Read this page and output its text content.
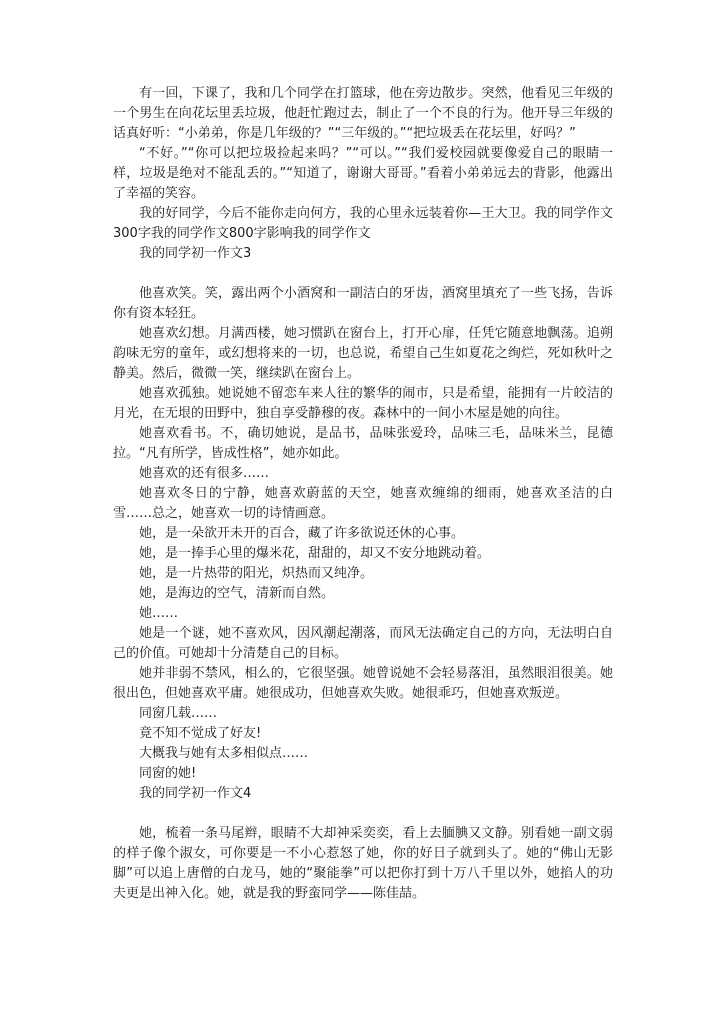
有一回，下课了，我和几个同学在打篮球，他在旁边散步。突然，他看见三年级的一个男生在向花坛里丢垃圾，他赶忙跑过去，制止了一个不良的行为。他开导三年级的话真好听：“小弟弟，你是几年级的？”“三年级的。”“把垃圾丢在花坛里，好吗？”

“不好。”“你可以把垃圾捡起来吗？”“可以。”“我们爱校园就要像爱自己的眼睛一样，垃圾是绝对不能乱丢的。”“知道了，谢谢大哥哥。”看着小弟弟远去的背影，他露出了幸福的笑容。

我的好同学，今后不能你走向何方，我的心里永远装着你—王大卫。我的同学作文300字我的同学作文800字影响我的同学作文

我的同学初一作文3

他喜欢笑。笑，露出两个小酒窝和一副洁白的牙齿，酒窝里填充了一些飞扬，告诉你有资本轻狂。

她喜欢幻想。月满西楼，她习惯趴在窗台上，打开心扉，任凭它随意地飘荡。追朔韵味无穷的童年，或幻想将来的一切，也总说，希望自己生如夏花之绚烂，死如秋叶之静美。然后，微微一笑，继续趴在窗台上。

她喜欢孤独。她说她不留恋车来人往的繁华的闹市，只是希望，能拥有一片皎洁的月光，在无垠的田野中，独自享受静穆的夜。森林中的一间小木屋是她的向往。

她喜欢看书。不，确切她说，是品书，品味张爱玲，品味三毛，品味米兰，昆德拉。“凡有所学，皆成性格”，她亦如此。

她喜欢的还有很多……

她喜欢冬日的宁静，她喜欢蔚蓝的天空，她喜欢缠绵的细雨，她喜欢圣洁的白雪……总之，她喜欢一切的诗情画意。

她，是一朵欲开未开的百合，藏了许多欲说还休的心事。

她，是一捧手心里的爆米花，甜甜的，却又不安分地跳动着。

她，是一片热带的阳光，炽热而又纯净。

她，是海边的空气，清新而自然。

她……

她是一个谜，她不喜欢风，因风潮起潮落，而风无法确定自己的方向，无法明白自己的价值。可她却十分清楚自己的目标。

她并非弱不禁风，相么的，它很坚强。她曾说她不会轻易落泪，虽然眼泪很美。她很出色，但她喜欢平庸。她很成功，但她喜欢失败。她很乖巧，但她喜欢叛逆。

同窗几载……

竟不知不觉成了好友!

大概我与她有太多相似点……

同窗的她!

我的同学初一作文4

她，梳着一条马尾辫，眼睛不大却神采奕奕，看上去腼腆又文静。别看她一副文弱的样子像个淑女，可你要是一不小心惹怒了她，你的好日子就到头了。她的“佛山无影脚”可以追上唐僧的白龙马，她的“聚能拳”可以把你打到十万八千里以外，她掐人的功夫更是出神入化。她，就是我的野蛮同学——陈佳喆。
